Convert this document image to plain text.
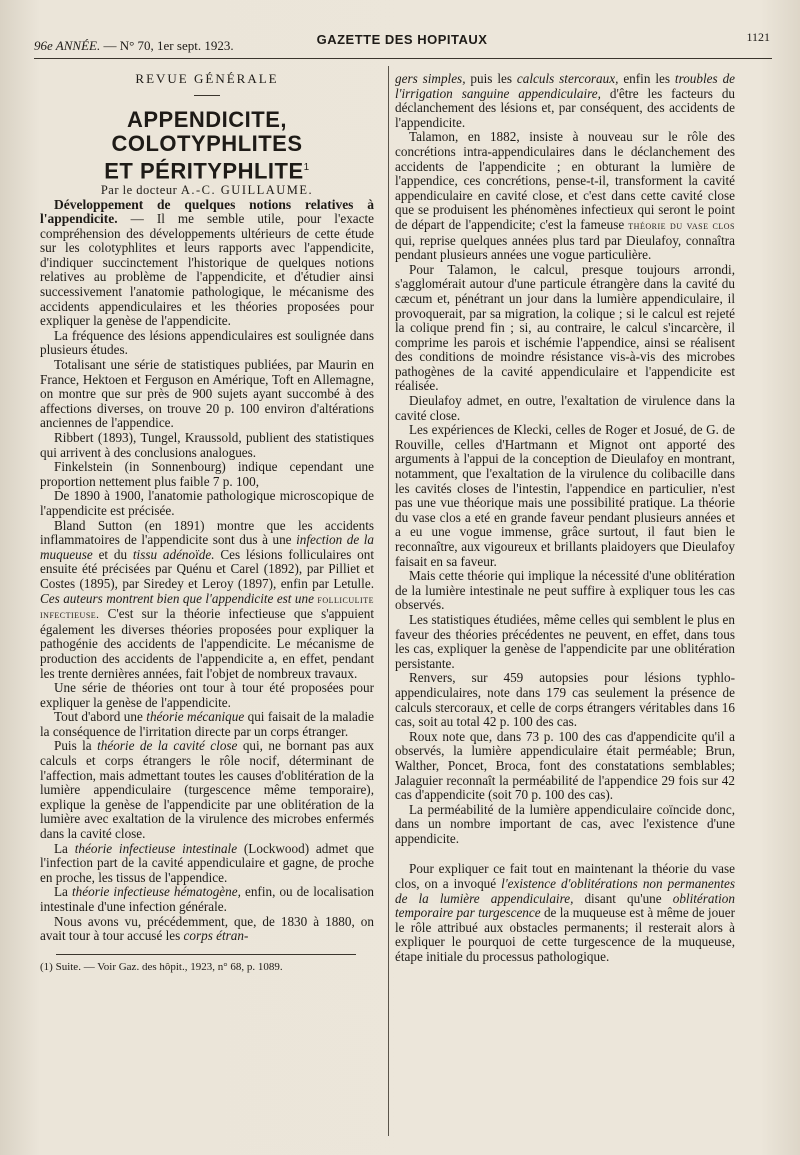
96e ANNÉE. — N° 70, 1er sept. 1923.	GAZETTE DES HOPITAUX	1121

REVUE GÉNÉRALE

APPENDICITE, COLOTYPHLITES
ET PÉRITYPHLITE$^1$

Par le docteur A.-C. GUILLAUME.

Développement de quelques notions relatives à l'appendicite. — Il me semble utile, pour l'exacte compréhension des développements ultérieurs de cette étude sur les colotyphlites et leurs rapports avec l'appendicite, d'indiquer succinctement l'historique de quelques notions relatives au problème de l'appendicite, et d'étudier ainsi successivement l'anatomie pathologique, le mécanisme des accidents appendiculaires et les théories proposées pour expliquer la genèse de l'appendicite.

La fréquence des lésions appendiculaires est soulignée dans plusieurs études.

Totalisant une série de statistiques publiées, par Maurin en France, Hektoen et Ferguson en Amérique, Toft en Allemagne, on montre que sur près de 900 sujets ayant succombé à des affections diverses, on trouve 20 p. 100 environ d'altérations anciennes de l'appendice.

Ribbert (1893), Tungel, Kraussold, publient des statistiques qui arrivent à des conclusions analogues.

Finkelstein (in Sonnenbourg) indique cependant une proportion nettement plus faible 7 p. 100,

De 1890 à 1900, l'anatomie pathologique microscopique de l'appendicite est précisée.

Bland Sutton (en 1891) montre que les accidents inflammatoires de l'appendicite sont dus à une infection de la muqueuse et du tissu adénoïde. Ces lésions folliculaires ont ensuite été précisées par Quénu et Carel (1892), par Pilliet et Costes (1895), par Siredey et Leroy (1897), enfin par Letulle. Ces auteurs montrent bien que l'appendicite est une folliculite infectieuse. C'est sur la théorie infectieuse que s'appuient également les diverses théories proposées pour expliquer la pathogénie des accidents de l'appendicite. Le mécanisme de production des accidents de l'appendicite a, en effet, pendant les trente dernières années, fait l'objet de nombreux travaux.

Une série de théories ont tour à tour été proposées pour expliquer la genèse de l'appendicite.

Tout d'abord une théorie mécanique qui faisait de la maladie la conséquence de l'irritation directe par un corps étranger.

Puis la théorie de la cavité close qui, ne bornant pas aux calculs et corps étrangers le rôle nocif, déterminant de l'affection, mais admettant toutes les causes d'oblitération de la lumière appendiculaire (turgescence même temporaire), explique la genèse de l'appendicite par une oblitération de la lumière avec exaltation de la virulence des microbes enfermés dans la cavité close.

La théorie infectieuse intestinale (Lockwood) admet que l'infection part de la cavité appendiculaire et gagne, de proche en proche, les tissus de l'appendice.

La théorie infectieuse hématogène, enfin, ou de localisation intestinale d'une infection générale.

Nous avons vu, précédemment, que, de 1830 à 1880, on avait tour à tour accusé les corps étran-

(1) Suite. — Voir Gaz. des hôpit., 1923, n° 68, p. 1089.

gers simples, puis les calculs stercoraux, enfin les troubles de l'irrigation sanguine appendiculaire, d'être les facteurs du déclanchement des lésions et, par conséquent, des accidents de l'appendicite.

Talamon, en 1882, insiste à nouveau sur le rôle des concrétions intra-appendiculaires dans le déclanchement des accidents de l'appendicite ; en obturant la lumière de l'appendice, ces concrétions, pense-t-il, transforment la cavité appendiculaire en cavité close, et c'est dans cette cavité close que se produisent les phénomènes infectieux qui seront le point de départ de l'appendicite; c'est la fameuse théorie du vase clos qui, reprise quelques années plus tard par Dieulafoy, connaîtra pendant plusieurs années une vogue particulière.

Pour Talamon, le calcul, presque toujours arrondi, s'agglomérait autour d'une particule étrangère dans la cavité du cæcum et, pénétrant un jour dans la lumière appendiculaire, il provoquerait, par sa migration, la colique ; si le calcul est rejeté la colique prend fin ; si, au contraire, le calcul s'incarcère, il comprime les parois et ischémie l'appendice, ainsi se réalisent des conditions de moindre résistance vis-à-vis des microbes pathogènes de la cavité appendiculaire et l'appendicite est réalisée.

Dieulafoy admet, en outre, l'exaltation de virulence dans la cavité close.

Les expériences de Klecki, celles de Roger et Josué, de G. de Rouville, celles d'Hartmann et Mignot ont apporté des arguments à l'appui de la conception de Dieulafoy en montrant, notamment, que l'exaltation de la virulence du colibacille dans les cavités closes de l'intestin, l'appendice en particulier, n'est pas une vue théorique mais une possibilité pratique. La théorie du vase clos a eté en grande faveur pendant plusieurs années et a eu une vogue immense, grâce surtout, il faut bien le reconnaître, aux vigoureux et brillants plaidoyers que Dieulafoy faisait en sa faveur.

Mais cette théorie qui implique la nécessité d'une oblitération de la lumière intestinale ne peut suffire à expliquer tous les cas observés.

Les statistiques étudiées, même celles qui semblent le plus en faveur des théories précédentes ne peuvent, en effet, dans tous les cas, expliquer la genèse de l'appendicite par une oblitération persistante.

Renvers, sur 459 autopsies pour lésions typhlo-appendiculaires, note dans 179 cas seulement la présence de calculs stercoraux, et celle de corps étrangers véritables dans 16 cas, soit au total 42 p. 100 des cas.

Roux note que, dans 73 p. 100 des cas d'appendicite qu'il a observés, la lumière appendiculaire était perméable; Brun, Walther, Poncet, Broca, font des constatations semblables; Jalaguier reconnaît la perméabilité de l'appendice 29 fois sur 42 cas d'appendicite (soit 70 p. 100 des cas).

La perméabilité de la lumière appendiculaire coïncide donc, dans un nombre important de cas, avec l'existence d'une appendicite.

Pour expliquer ce fait tout en maintenant la théorie du vase clos, on a invoqué l'existence d'oblitérations non permanentes de la lumière appendiculaire, disant qu'une oblitération temporaire par turgescence de la muqueuse est à même de jouer le rôle attribué aux obstacles permanents; il resterait alors à expliquer le pourquoi de cette turgescence de la muqueuse, étape initiale du processus pathologique.
